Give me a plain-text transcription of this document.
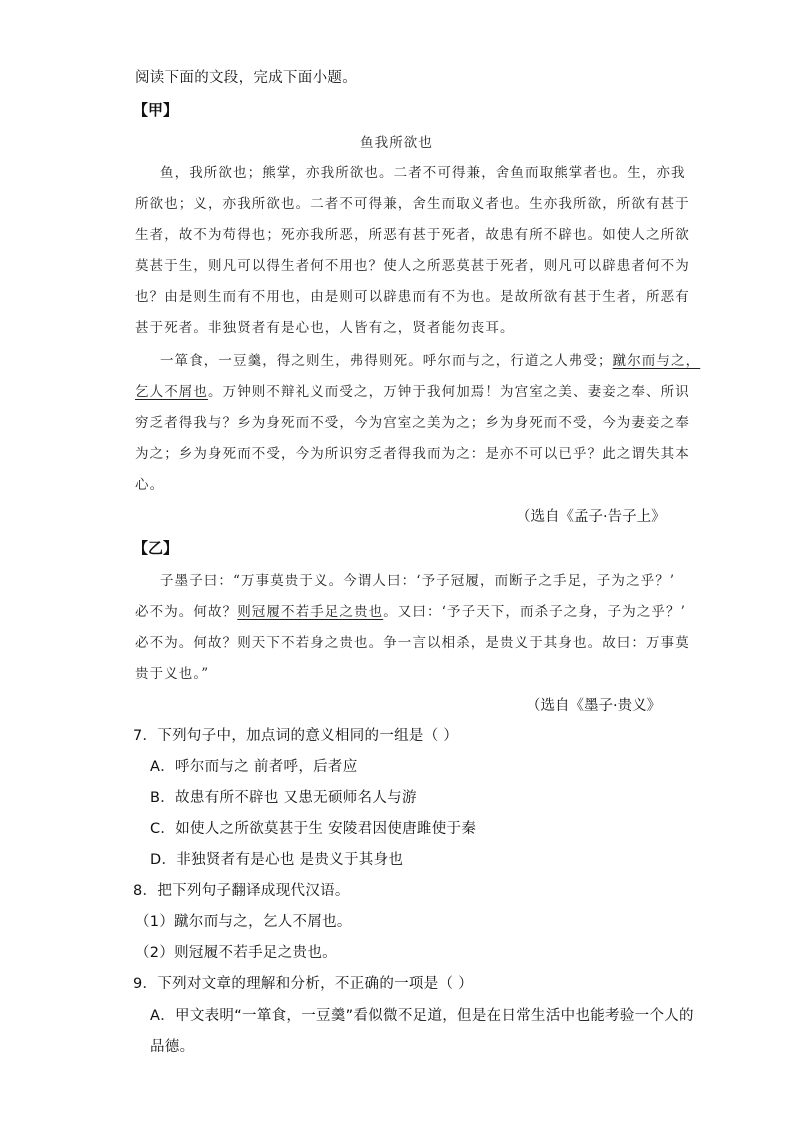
阅读下面的文段，完成下面小题。
【甲】
鱼我所欲也
鱼，我所欲也；熊掌，亦我所欲也。二者不可得兼，舍鱼而取熊掌者也。生，亦我
所欲也；义，亦我所欲也。二者不可得兼，舍生而取义者也。生亦我所欲，所欲有甚于
生者，故不为苟得也；死亦我所恶，所恶有甚于死者，故患有所不辟也。如使人之所欲
莫甚于生，则凡可以得生者何不用也？使人之所恶莫甚于死者，则凡可以辟患者何不为
也？由是则生而有不用也，由是则可以辟患而有不为也。是故所欲有甚于生者，所恶有
甚于死者。非独贤者有是心也，人皆有之，贤者能勿丧耳。
一箪食，一豆羹，得之则生，弗得则死。呼尔而与之，行道之人弗受；蹴尔而与之，
乞人不屑也。万钟则不辩礼义而受之，万钟于我何加焉！为宫室之美、妻妾之奉、所识
穷乏者得我与？乡为身死而不受，今为宫室之美为之；乡为身死而不受，今为妻妾之奉
为之；乡为身死而不受，今为所识穷乏者得我而为之：是亦不可以已乎？此之谓失其本
心。
（选自《孟子·告子上》
【乙】
子墨子曰：“万事莫贵于义。今谓人曰：‘予子冠履，而断子之手足，子为之乎？’
必不为。何故？则冠履不若手足之贵也。又曰：‘予子天下，而杀子之身，子为之乎？’
必不为。何故？则天下不若身之贵也。争一言以相杀，是贵义于其身也。故曰：万事莫
贵于义也。”
（选自《墨子·贵义》
7．下列句子中，加点词的意义相同的一组是（ ）
A．呼尔而与之 前者呼，后者应
B．故患有所不辟也 又患无硕师名人与游
C．如使人之所欲莫甚于生 安陵君因使唐雎使于秦
D．非独贤者有是心也 是贵义于其身也
8．把下列句子翻译成现代汉语。
（1）蹴尔而与之，乞人不屑也。
（2）则冠履不若手足之贵也。
9．下列对文章的理解和分析，不正确的一项是（ ）
A．甲文表明“一箪食，一豆羹”看似微不足道，但是在日常生活中也能考验一个人的
品德。
